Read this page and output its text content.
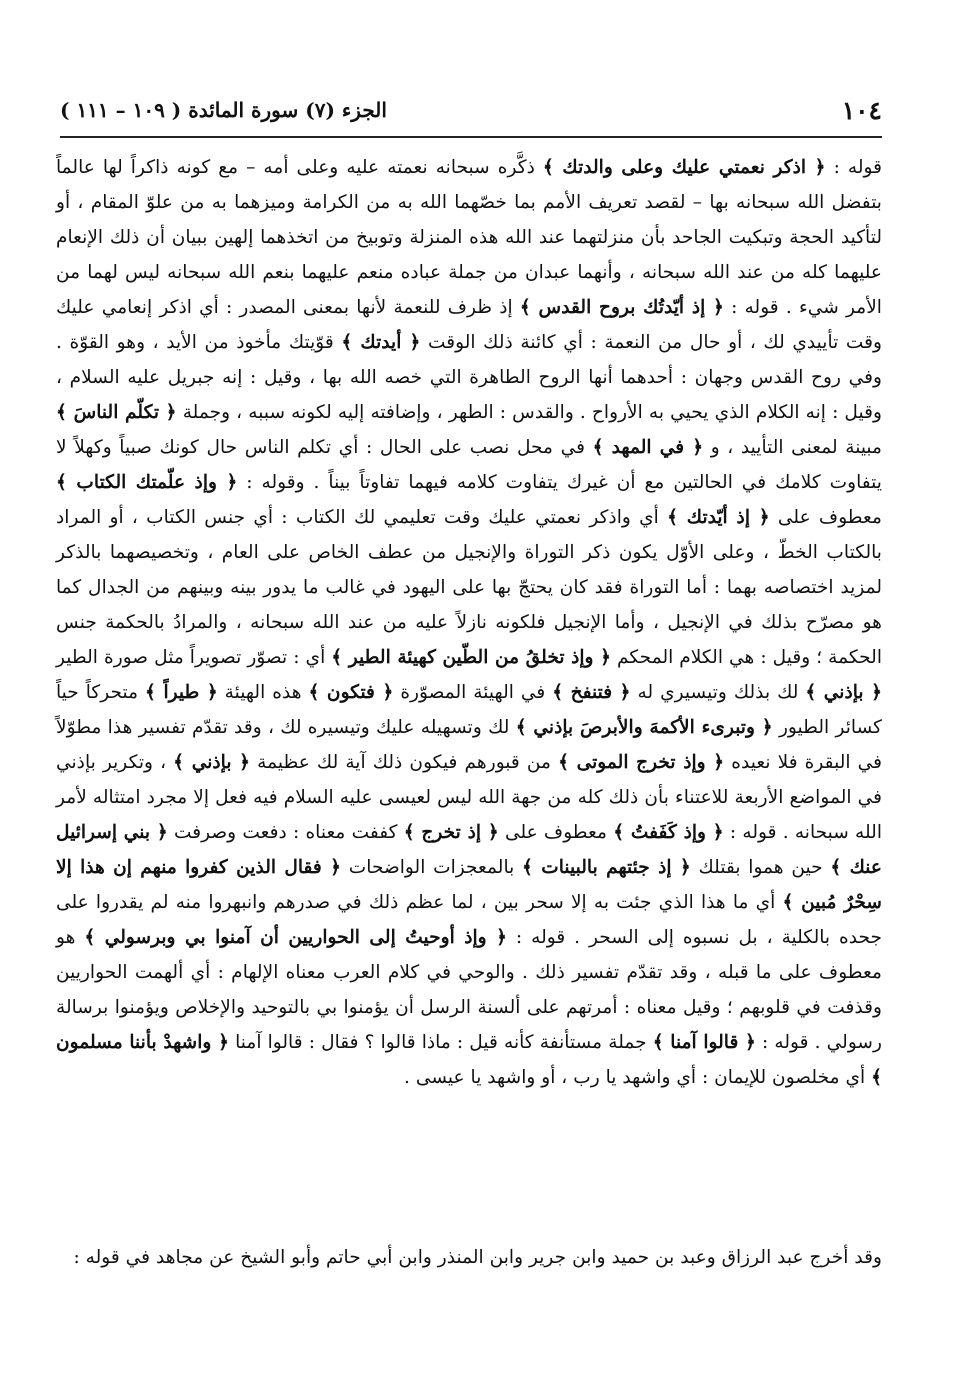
١٠٤
الجزء (٧) سورة المائدة ( ١٠٩ – ١١١ )

قوله : ﴿ اذكر نعمتي عليك وعلى والدتك ﴾ ذكَّره سبحانه نعمته عليه وعلى أمه – مع كونه ذاكراً لها عالماً بتفضل الله سبحانه بها – لقصد تعريف الأمم بما خصّهما الله به من الكرامة وميزهما به من علوّ المقام ، أو لتأكيد الحجة وتبكيت الجاحد بأن منزلتهما عند الله هذه المنزلة وتوبيخ من اتخذهما إلهين ببيان أن ذلك الإنعام عليهما كله من عند الله سبحانه ، وأنهما عبدان من جملة عباده منعم عليهما بنعم الله سبحانه ليس لهما من الأمر شيء . قوله : ﴿ إذ أيّدتُك بروح القدس ﴾ إذ ظرف للنعمة لأنها بمعنى المصدر : أي اذكر إنعامي عليك وقت تأييدي لك ، أو حال من النعمة : أي كائنة ذلك الوقت ﴿ أيدتك ﴾ قوّيتك مأخوذ من الأيد ، وهو القوّة . وفي روح القدس وجهان : أحدهما أنها الروح الطاهرة التي خصه الله بها ، وقيل : إنه جبريل عليه السلام ، وقيل : إنه الكلام الذي يحيي به الأرواح . والقدس : الطهر ، وإضافته إليه لكونه سببه ، وجملة ﴿ تكلّم الناسَ ﴾ مبينة لمعنى التأييد ، و ﴿ في المهد ﴾ في محل نصب على الحال : أي تكلم الناس حال كونك صبياً وكهلاً لا يتفاوت كلامك في الحالتين مع أن غيرك يتفاوت كلامه فيهما تفاوتاً بيناً . وقوله : ﴿ وإذ علّمتك الكتاب ﴾ معطوف على ﴿ إذ أيّدتك ﴾ أي واذكر نعمتي عليك وقت تعليمي لك الكتاب : أي جنس الكتاب ، أو المراد بالكتاب الخطّ ، وعلى الأوّل يكون ذكر التوراة والإنجيل من عطف الخاص على العام ، وتخصيصهما بالذكر لمزيد اختصاصه بهما : أما التوراة فقد كان يحتجّ بها على اليهود في غالب ما يدور بينه وبينهم من الجدال كما هو مصرّح بذلك في الإنجيل ، وأما الإنجيل فلكونه نازلاً عليه من عند الله سبحانه ، والمرادُ بالحكمة جنس الحكمة ؛ وقيل : هي الكلام المحكم ﴿ وإذ تخلقُ من الطّين كهيئة الطير ﴾ أي : تصوّر تصويراً مثل صورة الطير ﴿ بإذني ﴾ لك بذلك وتيسيري له ﴿ فتنفخ ﴾ في الهيئة المصوّرة ﴿ فتكون ﴾ هذه الهيئة ﴿ طيراً ﴾ متحركاً حياً كسائر الطيور ﴿ وتبرىء الأكمهَ والأبرصَ بإذني ﴾ لك وتسهيله عليك وتيسيره لك ، وقد تقدّم تفسير هذا مطوّلاً في البقرة فلا نعيده ﴿ وإذ تخرج الموتى ﴾ من قبورهم فيكون ذلك آية لك عظيمة ﴿ بإذني ﴾ ، وتكرير بإذني في المواضع الأربعة للاعتناء بأن ذلك كله من جهة الله ليس لعيسى عليه السلام فيه فعل إلا مجرد امتثاله لأمر الله سبحانه . قوله : ﴿ وإذ كَفَفتُ ﴾ معطوف على ﴿ إذ تخرج ﴾ كففت معناه : دفعت وصرفت ﴿ بني إسرائيل عنك ﴾ حين هموا بقتلك ﴿ إذ جئتهم بالبينات ﴾ بالمعجزات الواضحات ﴿ فقال الذين كفروا منهم إن هذا إلا سِحْرٌ مُبين ﴾ أي ما هذا الذي جئت به إلا سحر بين ، لما عظم ذلك في صدرهم وانبهروا منه لم يقدروا على جحده بالكلية ، بل نسبوه إلى السحر . قوله : ﴿ وإذ أوحيتُ إلى الحواريين أن آمنوا بي وبرسولي ﴾ هو معطوف على ما قبله ، وقد تقدّم تفسير ذلك . والوحي في كلام العرب معناه الإلهام : أي ألهمت الحواريين وقذفت في قلوبهم ؛ وقيل معناه : أمرتهم على ألسنة الرسل أن يؤمنوا بي بالتوحيد والإخلاص ويؤمنوا برسالة رسولي . قوله : ﴿ قالوا آمنا ﴾ جملة مستأنفة كأنه قيل : ماذا قالوا ؟ فقال : قالوا آمنا ﴿ واشهدْ بأننا مسلمون ﴾ أي مخلصون للإيمان : أي واشهد يا رب ، أو واشهد يا عيسى .

وقد أخرج عبد الرزاق وعبد بن حميد وابن جرير وابن المنذر وابن أبي حاتم وأبو الشيخ عن مجاهد في قوله :
